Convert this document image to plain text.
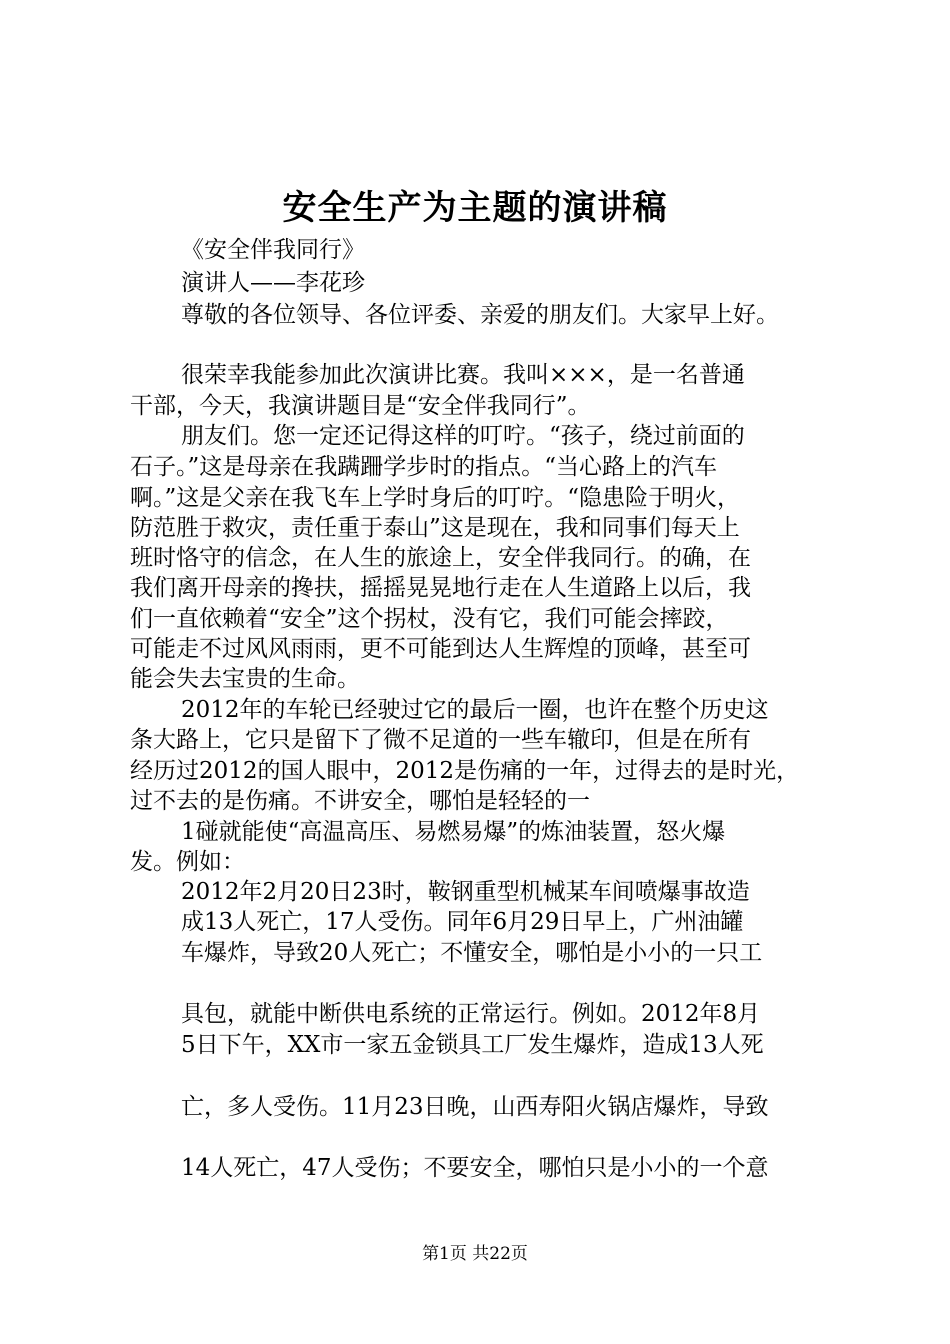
安全生产为主题的演讲稿
《安全伴我同行》
演讲人——李花珍
尊敬的各位领导、各位评委、亲爱的朋友们。大家早上好。
很荣幸我能参加此次演讲比赛。我叫×××，是一名普通
干部，今天，我演讲题目是“安全伴我同行”。
朋友们。您一定还记得这样的叮咛。“孩子，绕过前面的
石子。”这是母亲在我蹒跚学步时的指点。“当心路上的汽车
啊。”这是父亲在我飞车上学时身后的叮咛。“隐患险于明火，
防范胜于救灾，责任重于泰山”这是现在，我和同事们每天上
班时恪守的信念，在人生的旅途上，安全伴我同行。的确，在
我们离开母亲的搀扶，摇摇晃晃地行走在人生道路上以后，我
们一直依赖着“安全”这个拐杖，没有它，我们可能会摔跤，
可能走不过风风雨雨，更不可能到达人生辉煌的顶峰，甚至可
能会失去宝贵的生命。
2012年的车轮已经驶过它的最后一圈，也许在整个历史这
条大路上，它只是留下了微不足道的一些车辙印，但是在所有
经历过2012的国人眼中，2012是伤痛的一年，过得去的是时光，
过不去的是伤痛。不讲安全，哪怕是轻轻的一
1碰就能使“高温高压、易燃易爆”的炼油装置，怒火爆
发。例如：
2012年2月20日23时，鞍钢重型机械某车间喷爆事故造
成13人死亡，17人受伤。同年6月29日早上，广州油罐
车爆炸，导致20人死亡；不懂安全，哪怕是小小的一只工
具包，就能中断供电系统的正常运行。例如。2012年8月
5日下午，XX市一家五金锁具工厂发生爆炸，造成13人死
亡，多人受伤。11月23日晚，山西寿阳火锅店爆炸，导致
14人死亡，47人受伤；不要安全，哪怕只是小小的一个意
第1页 共22页
